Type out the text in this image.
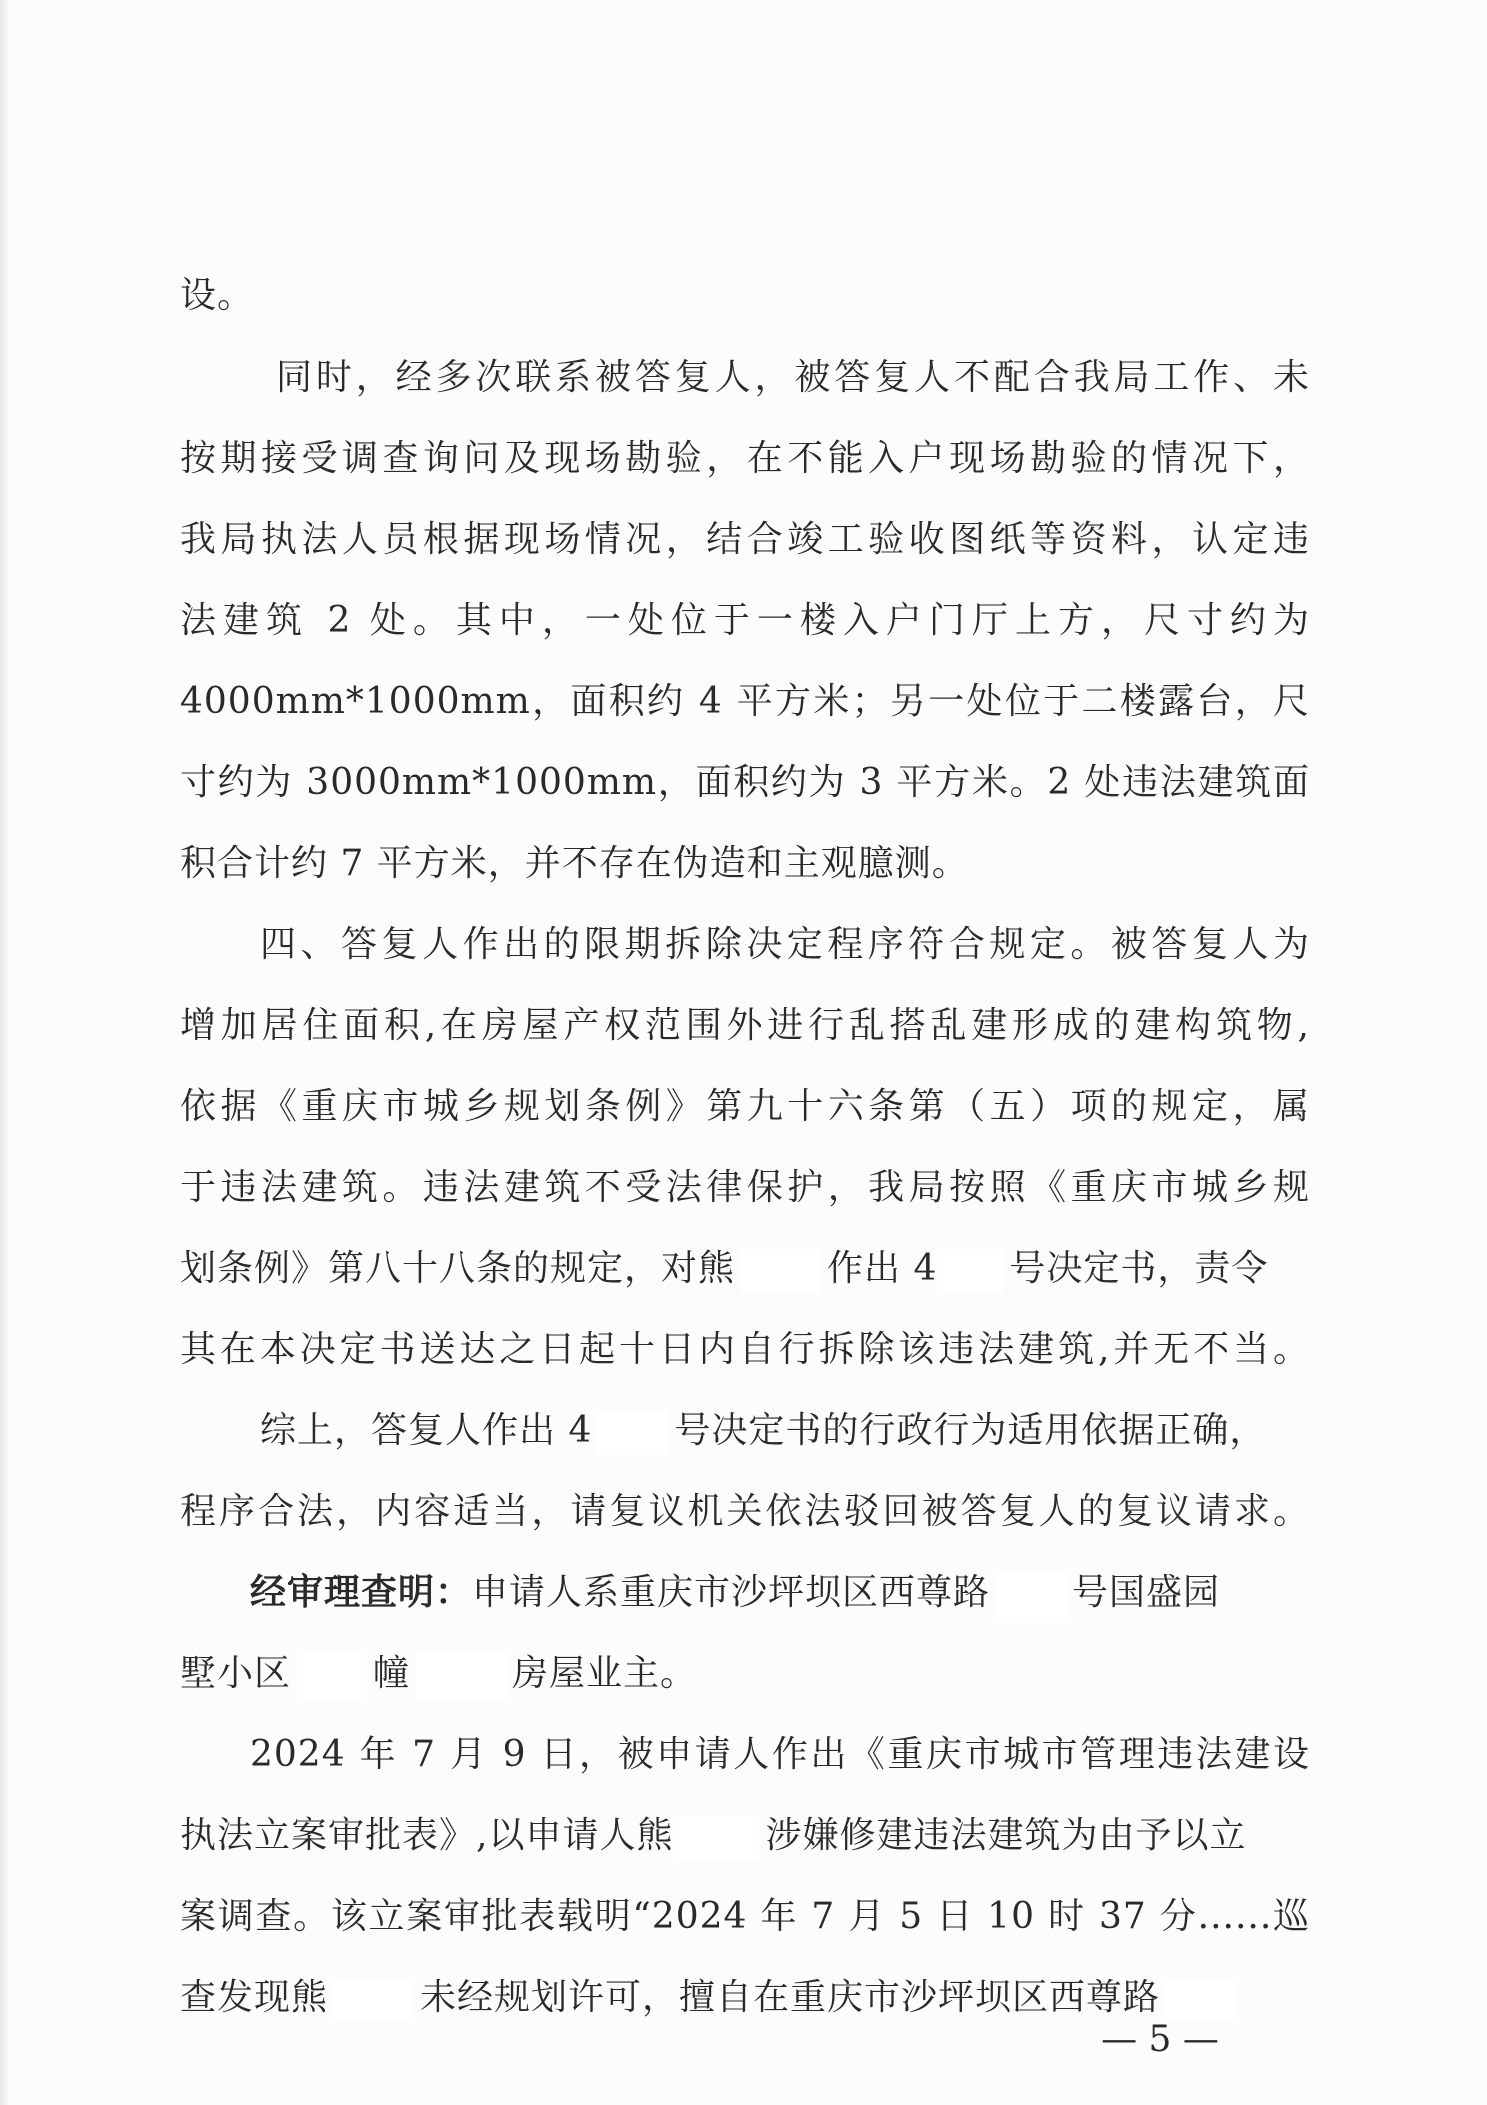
设。
同时，经多次联系被答复人，被答复人不配合我局工作、未
按期接受调查询问及现场勘验，在不能入户现场勘验的情况下，
我局执法人员根据现场情况，结合竣工验收图纸等资料，认定违
法建筑 2 处。其中，一处位于一楼入户门厅上方，尺寸约为
4000mm*1000mm，面积约 4 平方米；另一处位于二楼露台，尺
寸约为 3000mm*1000mm，面积约为 3 平方米。2 处违法建筑面
积合计约 7 平方米，并不存在伪造和主观臆测。
四、答复人作出的限期拆除决定程序符合规定。被答复人为
增加居住面积,在房屋产权范围外进行乱搭乱建形成的建构筑物,
依据《重庆市城乡规划条例》第九十六条第（五）项的规定，属
于违法建筑。违法建筑不受法律保护，我局按照《重庆市城乡规
划条例》第八十八条的规定，对熊	作出 4 号决定书，责令
其在本决定书送达之日起十日内自行拆除该违法建筑,并无不当。
综上，答复人作出 4 号决定书的行政行为适用依据正确，
程序合法，内容适当，请复议机关依法驳回被答复人的复议请求。
经审理查明：申请人系重庆市沙坪坝区西尊路 号国盛园
墅小区 幢	房屋业主。
2024 年 7 月 9 日，被申请人作出《重庆市城市管理违法建设
执法立案审批表》,以申请人熊	涉嫌修建违法建筑为由予以立
案调查。该立案审批表载明“2024 年 7 月 5 日 10 时 37 分......巡
查发现熊	未经规划许可，擅自在重庆市沙坪坝区西尊路
— 5 —
